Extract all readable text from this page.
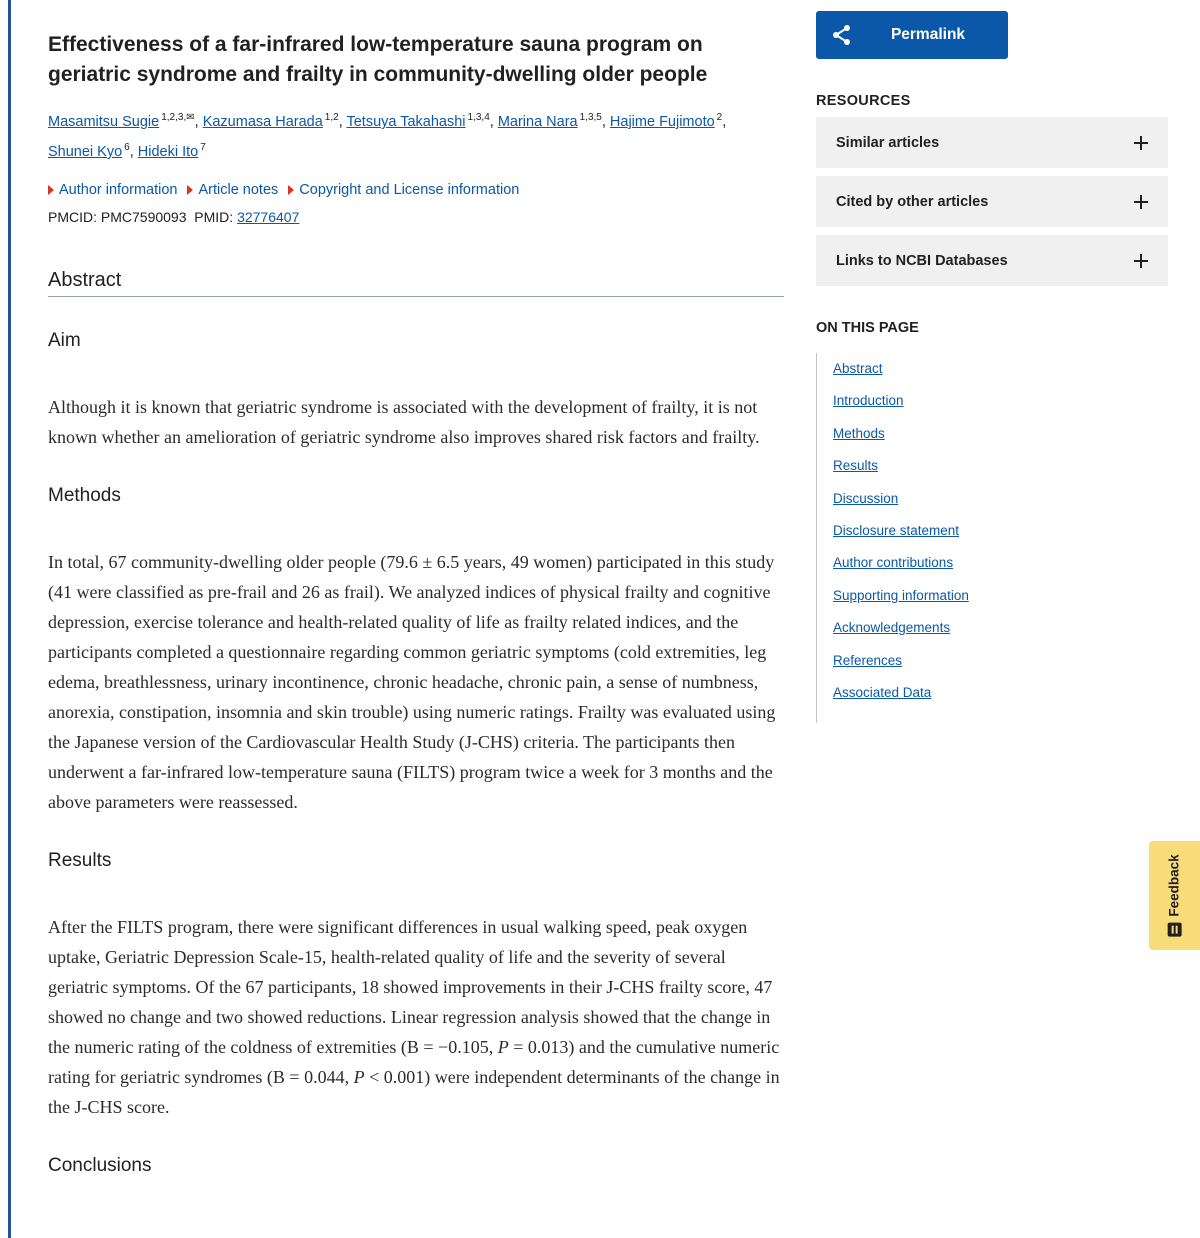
Effectiveness of a far-infrared low-temperature sauna program on geriatric syndrome and frailty in community-dwelling older people
Masamitsu Sugie $^{1,2,3,✉}$, Kazumasa Harada $^{1,2}$, Tetsuya Takahashi $^{1,3,4}$, Marina Nara $^{1,3,5}$, Hajime Fujimoto $^2$,
Shunei Kyo $^6$, Hideki Ito $^7$
Author information Article notes Copyright and License information
PMCID: PMC7590093 PMID: 32776407
Abstract
Aim
Although it is known that geriatric syndrome is associated with the development of frailty, it is not known whether an amelioration of geriatric syndrome also improves shared risk factors and frailty.
Methods
In total, 67 community-dwelling older people (79.6 ± 6.5 years, 49 women) participated in this study (41 were classified as pre-frail and 26 as frail). We analyzed indices of physical frailty and cognitive depression, exercise tolerance and health-related quality of life as frailty related indices, and the participants completed a questionnaire regarding common geriatric symptoms (cold extremities, leg edema, breathlessness, urinary incontinence, chronic headache, chronic pain, a sense of numbness, anorexia, constipation, insomnia and skin trouble) using numeric ratings. Frailty was evaluated using the Japanese version of the Cardiovascular Health Study (J-CHS) criteria. The participants then underwent a far-infrared low-temperature sauna (FILTS) program twice a week for 3 months and the above parameters were reassessed.
Results
After the FILTS program, there were significant differences in usual walking speed, peak oxygen uptake, Geriatric Depression Scale-15, health-related quality of life and the severity of several geriatric symptoms. Of the 67 participants, 18 showed improvements in their J-CHS frailty score, 47 showed no change and two showed reductions. Linear regression analysis showed that the change in the numeric rating of the coldness of extremities (B = −0.105, P = 0.013) and the cumulative numeric rating for geriatric syndromes (B = 0.044, P < 0.001) were independent determinants of the change in the J-CHS score.
Conclusions
Permalink
RESOURCES
Similar articles
Cited by other articles
Links to NCBI Databases
ON THIS PAGE
Abstract
Introduction
Methods
Results
Discussion
Disclosure statement
Author contributions
Supporting information
Acknowledgements
References
Associated Data
Feedback
